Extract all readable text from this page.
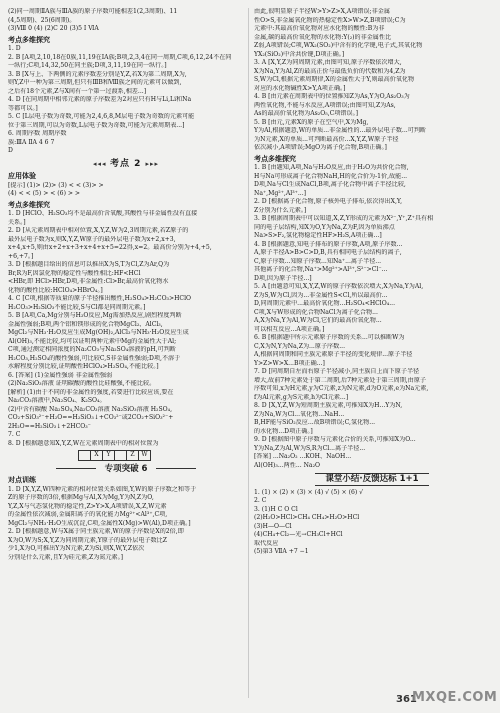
(2)同一周期ⅡA族与ⅢA族的原子序数可能相差1(2,3周期)、11
(4,5周期)、25(6周期)。
(3)Ⅷ 0 (4) (2)C 20 (3)5 Ⅰ ⅥA
考点多维探究
1. D
2. B [A项,2,10,18在0族,11,19在ⅠA族;B项,2,3,4在同一周期,C项,6,12,24不在同
一纵行;C项,14,32,50在同主族;D项,3,11,19在同一纵行。]
3. B [X与上、下两侧的元素序数差分别是Y,Z,若X为第二周期,X为,
则Y,Z中一种为第三周期,但只有ⅢB和Ⅷ族之间的元素可以做到,
之后有18个元素,Z与X间有一个第一过渡系,相差...]
4. D [在同周期中相邻元素的原子序数差为2对应只有H与Li,Li和Na
等都可以。]
5. C [L层电子数为奇数,可能为2,4,6,8,M层电子数为奇数的元素可能
位于第三周期,可以为奇数,L层电子数为奇数,可能为元素周期表...]
6. 周期序数 周期序数
族:ⅢA ⅡA 4 6 7
D
◂◂◂ 考点 2 ▸▸▸
应用体验
[提示] (1)> (2)> (3) < < (3)> >
(4) < < (5) > < (6) > >
考点多维探究
1. D [HClO、H₂SO₃均不是最高价含氧酸,其酸性与非金属性没有直接
关系。]
2. D [从元素周期表中相对位置,X,Y,Z,W为2,3周期元素,若Z原子的
最外层电子数为x,则X,Y,Z,W原子的最外层电子数为x+2,x+3,
x+4,x+5,则由x+2+x+3+x+4+x+5=22得,x=2。最高价分别为+4,+5,
+6,+7。]
3. D [根据题目给出的信息可以推出X为S,T为Cl,Z为Ar,Q为
Br,R为F,因氯化物的稳定性与酸性相比:HF<HCl
<HBr,即 HCl>HBr,D项,非金属性:Cl>Br,最高价氧化物水
化物的酸性比较:HClO₄>HBrO₄。]
4. C [C项,根据等质量的原子半径推出酸性,H₂SO₄>H₂CO₃>HClO
H₂CO₃>H₂SiO₃不能比较,S与Cl都是同周期元素。]
5. B [A项,Ca,Mg分别与H₂O反应,Mg需加热反应,剧烈程度判断
金属性强弱;B项,两个铝和镁形成的化合物MgCl₂、AlCl₃,
MgCl₂与NH₃·H₂O反应生成Mg(OH)₂,AlCl₃与NH₃·H₂O反应生成
Al(OH)₃,不能比较,均可以证明两种元素中Mg的金属性大于Al;
C项,通过测定相同浓度的Na₂CO₃与Na₂SO₄溶液的pH,可判断
H₂CO₃,H₂SO₄的酸性强弱,可比较C,S非金属性强弱;D项,不溶于
水解程度分别比较,证明酸性HClO₄>H₂SO₄,不能比较。]
6. [答案] (1)金属性强弱 非金属性强弱
(2)Na₂SiO₃溶液 证明碳酸的酸性比硅酸强,不能比较。
[解析] (1)由于不同的非金属性的强度,若要进行比较应该,要在
Na₂CO₃溶液中,Na₂SO₄、K₂SO₄。
(2)中含有碳酸 Na₂SO₄,Na₂CO₃溶液 Na₂SiO₃溶液 H₂SO₄,
CO₂+SiO₃²⁻+H₂O==H₂SiO₃↓+CO₃²⁻或2CO₂+SiO₃²⁻+
2H₂O==H₂SiO₃↓+2HCO₃⁻
7. C
8. D [根据题意知X,Y,Z,W在元素周期表中的相对位置为
	X	Y		Z	W
专项突破 6
对点训练
1. D [X,Y,Z,W四种元素的相对位置关系如图,Y,W的原子序数之和等于
Z的原子序数的3倍,根据Mg与Al,X为Mg,Y为N,Z为O,
Y,Z,X与气态氢化物的稳定性,Z>Y>X,A项错误,X,Z,W元素
的金属性依次减弱,金属阳离子的氧化能力Mg²⁺<Al³⁺,C项,
MgCl₂与NH₃·H₂O生成沉淀,C项,金属性X(Mg)>W(Al),D项正确。]
2. D [根据题意,W与X属于同主族元素,W的原子序数是X的2倍,即
X为O,W为S;X,Y,Z为同周期元素,Y原子的最外层电子数比Z
少1,X为O,可推出Y为N元素,Z为Si,则X,W,Y,Z依次
分别是什么元素,且Y为硅元素,Z为氮元素。]
由此,很明显原子半径W>Y>Z>X,A项错误;非金属
性O>S,非金属氧化物的热稳定性X>W>Z,B项错误;C为
元素中:其最高价氧化物对应水化物的酸性:B为非
金属,碳的最高价氧化物的水化物:Y(₂)的非金属性比
Z弱,A项错误;C项,WX₂(SO₂)中含有的化学键,电子式,其氧化物
YX₂(SiO₂)中含共价键,D项正确。]
3. A [X,Y,Z为同周期元素,由图可知,原子序数依次增大,
X为Na,Y为Al,Z的最高正价与最低负价的代数和为4,Z为
S,W为Cl,根据元素周期律,X的金属性大于Y,则最高价氧化物
对应的水化物碱性X>Y,A项正确。]
4. B [由元素在周期表中的位置推知Z为As,Y为O,As₂O₃为
两性氧化物,不能与水反应,A项错误;由图可知,Z为As,
As的最高价氧化物为As₂O₅,C项错误。]
5. B [由元,元素X的原子在空气中,X为Mg,
Y为Al,根据题意,W的单质...非金属性的...最外层电子数...可判断
为N元素,X的单质...可判断最高价...X,Y,Z,W原子半径
依次减小,A项错误;MgO为离子化合物,B项正确。]
考点多维探究
1. B [由题知,A项,Na与H₂O反应,由于H₂O为共价化合物,
H与Na可形成离子化合物NaH,H的化合价为-1价,故能...
D项,Na与Cl生成NaCl,B项,离子化合物中离子半径比较,
Na⁺,Mg²⁺,Al³⁺...]
2. D [根据离子化合物,原子核外电子排布,依次得出X,Y,
Z分别为什么元素。]
3. B [根据周期表中可以知道,X,Z,Y形成的元素为X²⁻,Y⁺,Z⁺具有相
同的电子层结构,知X为O,Y为Na,Z为F,因为单质沸点
Na>S>F₂,氢化物稳定性HF>H₂S,A项正确...]
4. B [根据题意,知电子排布的原子序数,A项,原子序数...
A,原子半径A>B>C>D,B,具有相同电子层结构的离子,
C,原子序数...知原子序数...知Na⁺...离子半径...
其他离子的化合物,Na⁺>Mg²⁺>Al³⁺,S²⁻>Cl⁻...
D项,因为原子半径...]
5. A [由题意可知,X,Y,Z,W的原子序数依次增大,X为Na,Y为Al,
Z为S,W为Cl,因为...非金属性S<Cl,所以最高价...
D,同周期元素中...最高价氧化物...H₂SO₄<HClO₄...
C项,X与W形成的化合物NaCl为离子化合物...
A,X为Na,Y为Al,W为Cl,它们的最高价氧化物...
可以相互反应...A项正确。]
6. B [根据题中所示元素原子序数的关系...可以推断W为
C,X为N,Y为Na,Z为...原子序数...
A,根据同周期和同主族元素原子半径的变化规律...原子半径
Y>Z>W>X...B项正确...]
7. D [同周期自左而右原子半径减小,同主族自上而下原子半径
增大,故前7种元素处于第二周期,后7种元素处于第三周期,由原子
序数可知,x为H元素,y为C元素,z为N元素,d为O元素,e为Na元素,
f为Al元素,g为S元素,h为Cl元素...]
8. D [X,Y,Z,W为短周期主族元素,可推知X为H...Y为N,
Z为Na,W为Cl...氧化物...NaH...
B,HF能与SiO₂反应...故B项错误;C,氢化物...
的水化物...D项正确。]
9. D [根据图中原子序数与元素化合价的关系,可推知X为O...
Y为Na,Z为Al,W为S,R为Cl...离子半径...
[答案] ...Na₂O₂ ...KOH、NaOH...
Al(OH)₃...两性... Na₂O
课堂小结·反馈达标 1+1
1. (1) × (2) × (3) × (4) √ (5) × (6) √
2. C
3. (1)H C O Cl
(2)H₂O>HCl>CH₄ CH₄>H₂O>HCl
(3)H—O—Cl
(4)CH₄+Cl₂—光→CH₃Cl+HCl
取代反应
(5)第3 ⅦA +7 −1
361
MXQE.COM
